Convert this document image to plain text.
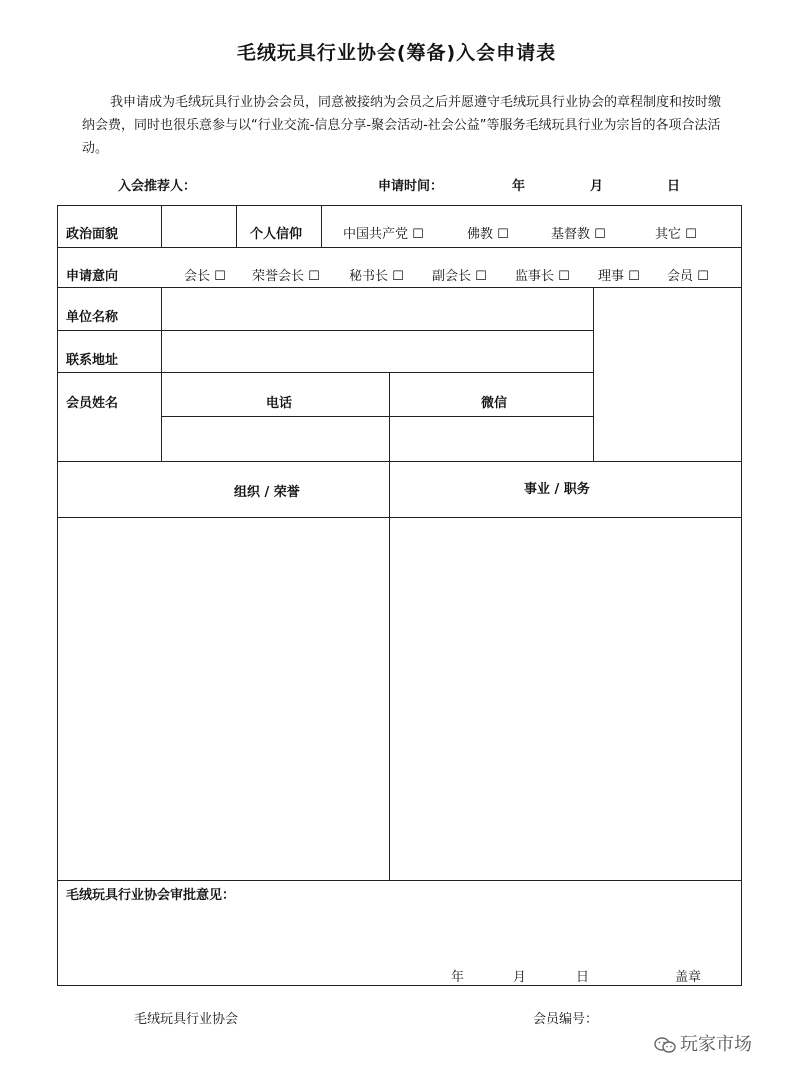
毛绒玩具行业协会(筹备)入会申请表
我申请成为毛绒玩具行业协会会员，同意被接纳为会员之后并愿遵守毛绒玩具行业协会的章程制度和按时缴纳会费，同时也很乐意参与以“行业交流-信息分享-聚会活动-社会公益”等服务毛绒玩具行业为宗旨的各项合法活动。
入会推荐人：	申请时间：	年	月	日
政治面貌	个人信仰	中国共产党 ☐	佛教 ☐	基督教 ☐	其它 ☐
申请意向	会长 ☐ 荣誉会长 ☐ 秘书长 ☐ 副会长 ☐ 监事长 ☐ 理事 ☐ 会员 ☐
单位名称
联系地址
会员姓名	电话	微信
组织 / 荣誉	事业 / 职务
毛绒玩具行业协会审批意见：
年	月	日	盖章
毛绒玩具行业协会	会员编号：
玩家市场
